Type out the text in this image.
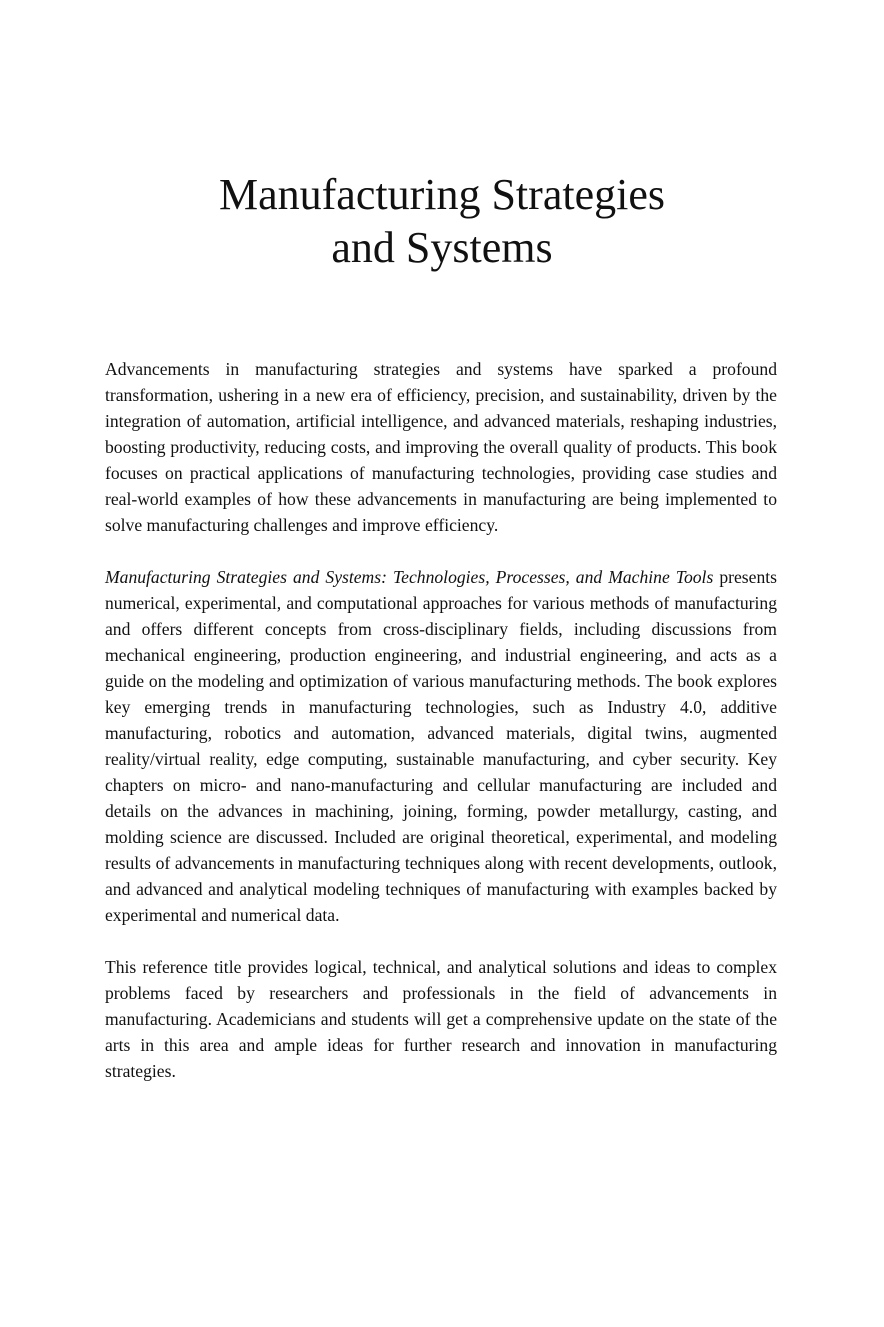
Manufacturing Strategies
and Systems

Advancements in manufacturing strategies and systems have sparked a profound transformation, ushering in a new era of efficiency, precision, and sustainability, driven by the integration of automation, artificial intelligence, and advanced materials, reshaping industries, boosting productivity, reducing costs, and improving the overall quality of products. This book focuses on practical applications of manufacturing technologies, providing case studies and real-world examples of how these advancements in manufacturing are being implemented to solve manufacturing challenges and improve efficiency.

Manufacturing Strategies and Systems: Technologies, Processes, and Machine Tools presents numerical, experimental, and computational approaches for various methods of manufacturing and offers different concepts from cross-disciplinary fields, including discussions from mechanical engineering, production engineering, and industrial engineering, and acts as a guide on the modeling and optimization of various manufacturing methods. The book explores key emerging trends in manufacturing technologies, such as Industry 4.0, additive manufacturing, robotics and automation, advanced materials, digital twins, augmented reality/virtual reality, edge computing, sustainable manufacturing, and cyber security. Key chapters on micro- and nano-manufacturing and cellular manufacturing are included and details on the advances in machining, joining, forming, powder metallurgy, casting, and molding science are discussed. Included are original theoretical, experimental, and modeling results of advancements in manufacturing techniques along with recent developments, outlook, and advanced and analytical modeling techniques of manufacturing with examples backed by experimental and numerical data.

This reference title provides logical, technical, and analytical solutions and ideas to complex problems faced by researchers and professionals in the field of advancements in manufacturing. Academicians and students will get a comprehensive update on the state of the arts in this area and ample ideas for further research and innovation in manufacturing strategies.
